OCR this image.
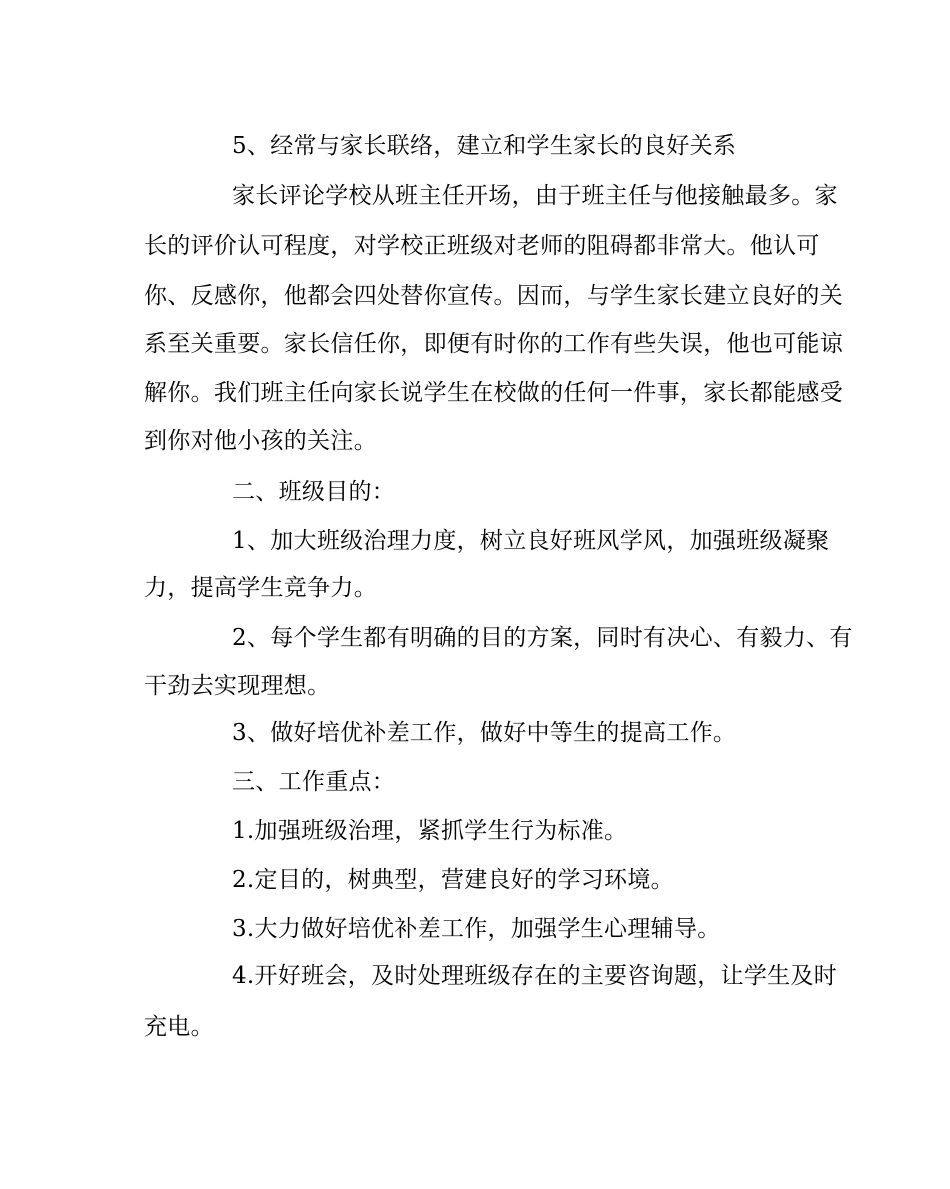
5、经常与家长联络，建立和学生家长的良好关系
家长评论学校从班主任开场，由于班主任与他接触最多。家
长的评价认可程度，对学校正班级对老师的阻碍都非常大。他认可
你、反感你，他都会四处替你宣传。因而，与学生家长建立良好的关
系至关重要。家长信任你，即便有时你的工作有些失误，他也可能谅
解你。我们班主任向家长说学生在校做的任何一件事，家长都能感受
到你对他小孩的关注。
二、班级目的：
1、加大班级治理力度，树立良好班风学风，加强班级凝聚
力，提高学生竞争力。
2、每个学生都有明确的目的方案，同时有决心、有毅力、有
干劲去实现理想。
3、做好培优补差工作，做好中等生的提高工作。
三、工作重点：
1.加强班级治理，紧抓学生行为标准。
2.定目的，树典型，营建良好的学习环境。
3.大力做好培优补差工作，加强学生心理辅导。
4.开好班会，及时处理班级存在的主要咨询题，让学生及时
充电。
